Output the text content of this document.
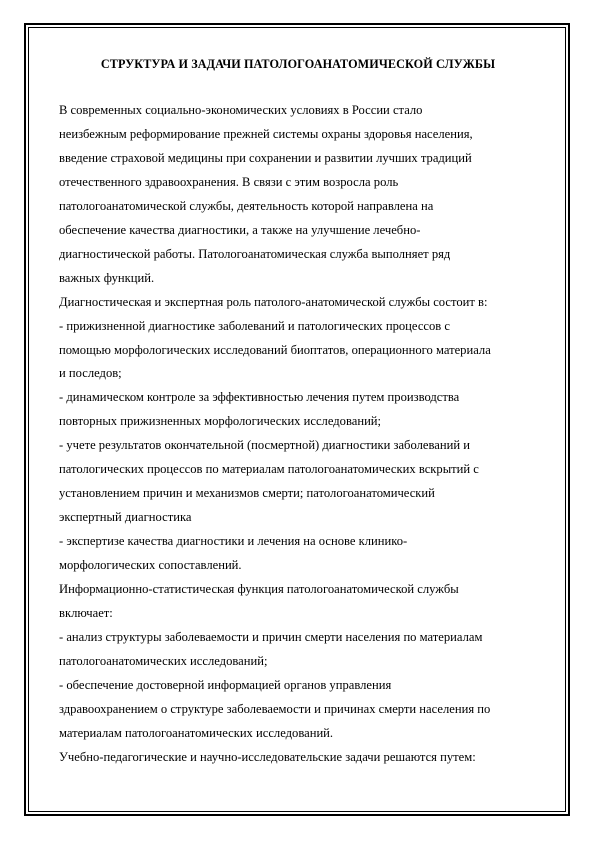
СТРУКТУРА И ЗАДАЧИ ПАТОЛОГОАНАТОМИЧЕСКОЙ СЛУЖБЫ
В современных социально-экономических условиях в России стало
неизбежным реформирование прежней системы охраны здоровья населения,
введение страховой медицины при сохранении и развитии лучших традиций
отечественного здравоохранения. В связи с этим возросла роль
патологоанатомической службы, деятельность которой направлена на
обеспечение качества диагностики, а также на улучшение лечебно-
диагностической работы. Патологоанатомическая служба выполняет ряд
важных функций.
Диагностическая и экспертная роль патолого-анатомической службы состоит в:
- прижизненной диагностике заболеваний и патологических процессов с
помощью морфологических исследований биоптатов, операционного материала
и последов;
- динамическом контроле за эффективностью лечения путем производства
повторных прижизненных морфологических исследований;
- учете результатов окончательной (посмертной) диагностики заболеваний и
патологических процессов по материалам патологоанатомических вскрытий с
установлением причин и механизмов смерти; патологоанатомический
экспертный диагностика
- экспертизе качества диагностики и лечения на основе клинико-
морфологических сопоставлений.
Информационно-статистическая функция патологоанатомической службы
включает:
- анализ структуры заболеваемости и причин смерти населения по материалам
патологоанатомических исследований;
- обеспечение достоверной информацией органов управления
здравоохранением о структуре заболеваемости и причинах смерти населения по
материалам патологоанатомических исследований.
Учебно-педагогические и научно-исследовательские задачи решаются путем:
